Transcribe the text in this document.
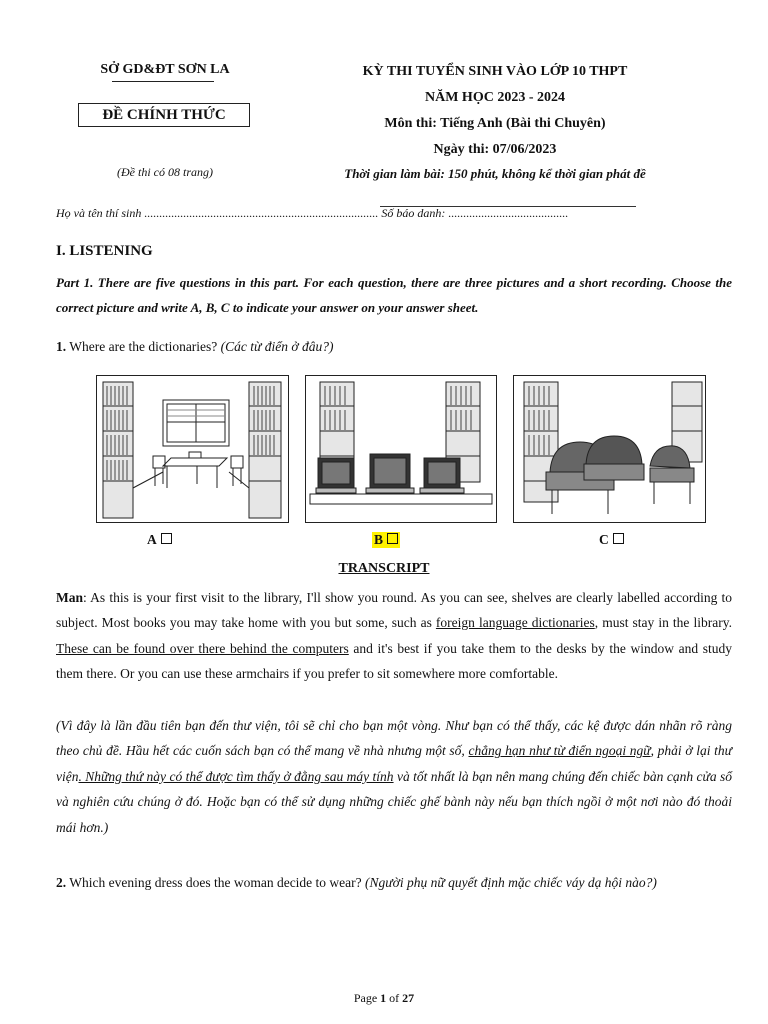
SỞ GD&ĐT SƠN LA
ĐỀ CHÍNH THỨC
(Đề thi có 08 trang)
KỲ THI TUYỂN SINH VÀO LỚP 10 THPT
NĂM HỌC 2023 - 2024
Môn thi: Tiếng Anh (Bài thi Chuyên)
Ngày thi: 07/06/2023
Thời gian làm bài: 150 phút, không kể thời gian phát đề
Họ và tên thí sinh .............................................................................. Số báo danh: ........................................
I. LISTENING
Part 1. There are five questions in this part. For each question, there are three pictures and a short recording. Choose the correct picture and write A, B, C to indicate your answer on your answer sheet.
1. Where are the dictionaries? (Các từ điển ở đâu?)
A	B	C
TRANSCRIPT
Man: As this is your first visit to the library, I'll show you round. As you can see, shelves are clearly labelled according to subject. Most books you may take home with you but some, such as foreign language dictionaries, must stay in the library. These can be found over there behind the computers and it's best if you take them to the desks by the window and study them there. Or you can use these armchairs if you prefer to sit somewhere more comfortable.
(Vì đây là lần đầu tiên bạn đến thư viện, tôi sẽ chỉ cho bạn một vòng. Như bạn có thể thấy, các kệ được dán nhãn rõ ràng theo chủ đề. Hầu hết các cuốn sách bạn có thể mang về nhà nhưng một số, chẳng hạn như từ điển ngoại ngữ, phải ở lại thư viện. Những thứ này có thể được tìm thấy ở đằng sau máy tính và tốt nhất là bạn nên mang chúng đến chiếc bàn cạnh cửa sổ và nghiên cứu chúng ở đó. Hoặc bạn có thể sử dụng những chiếc ghế bành này nếu bạn thích ngồi ở một nơi nào đó thoải mái hơn.)
2. Which evening dress does the woman decide to wear? (Người phụ nữ quyết định mặc chiếc váy dạ hội nào?)
Page 1 of 27
